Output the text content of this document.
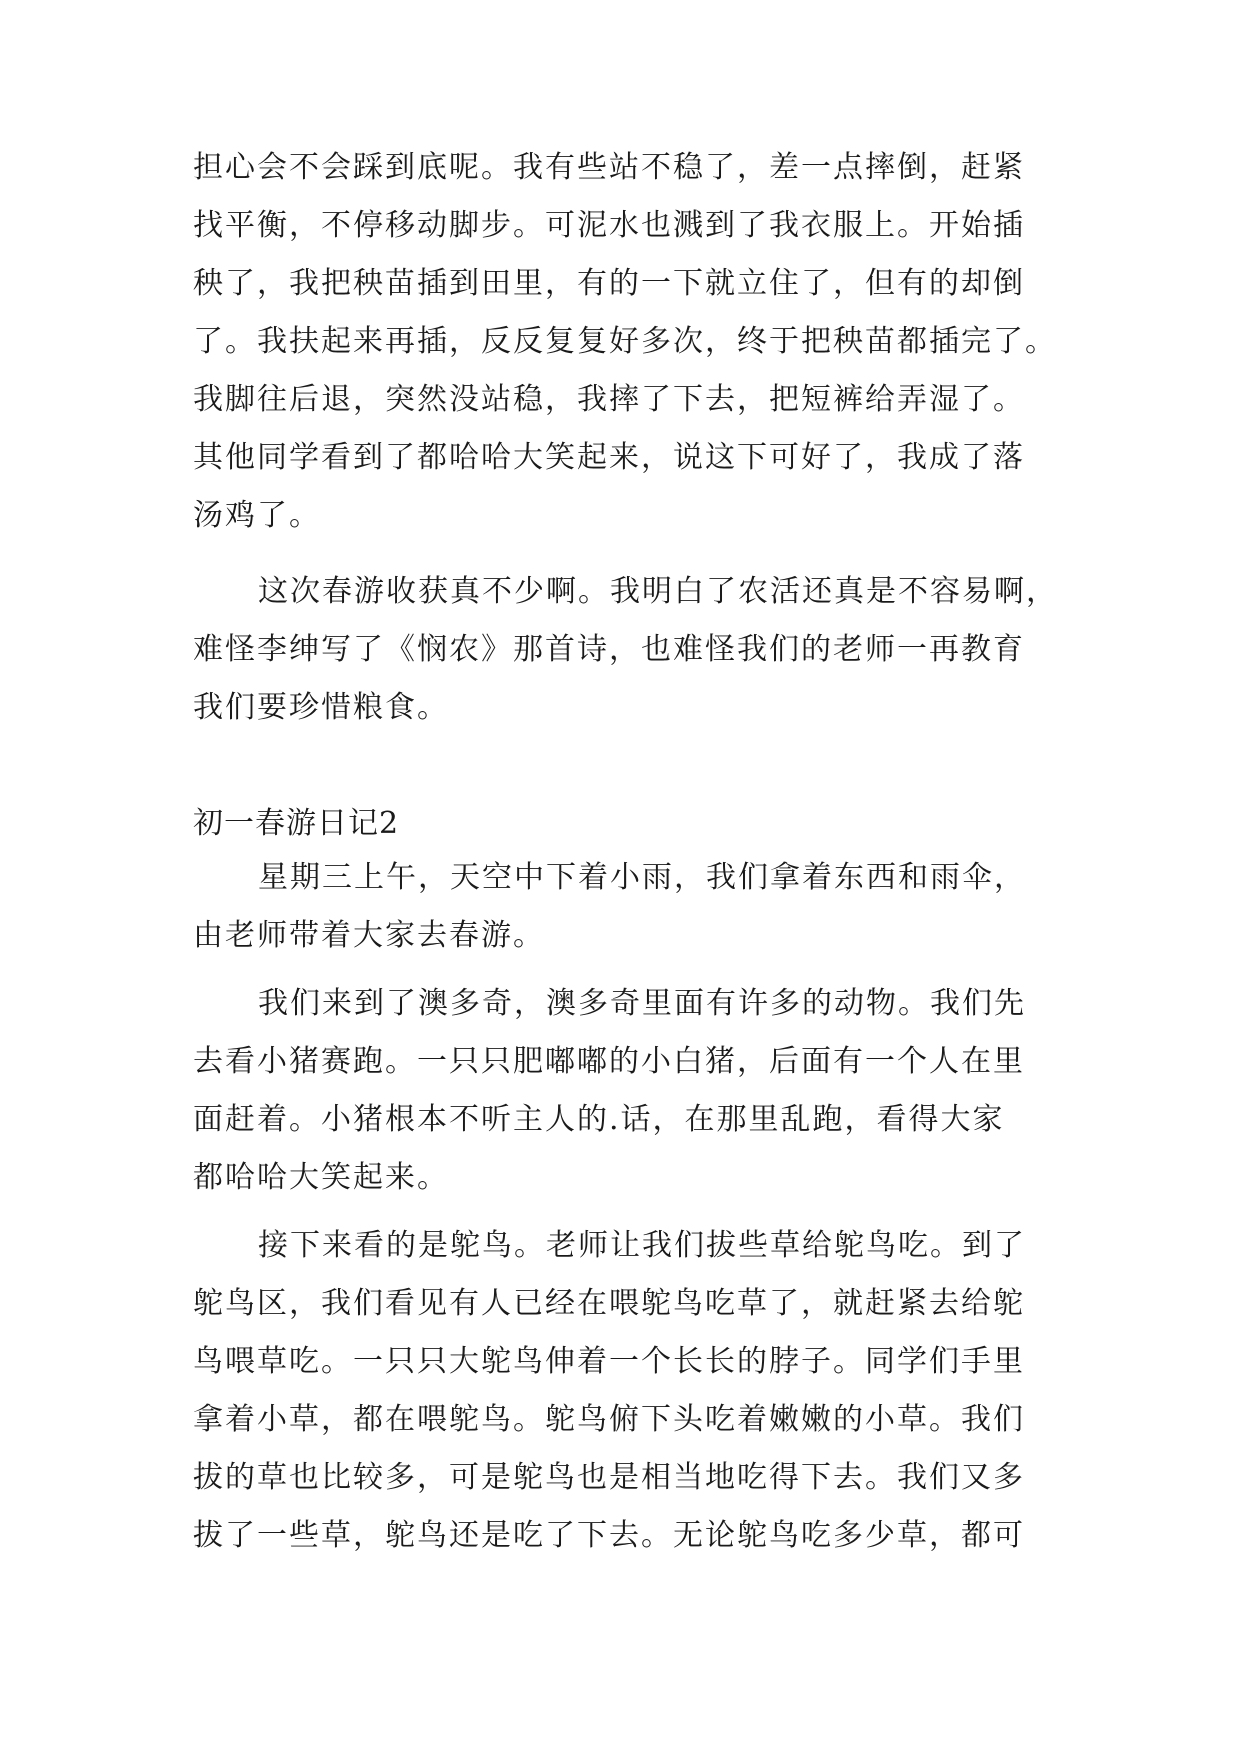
担心会不会踩到底呢。我有些站不稳了，差一点摔倒，赶紧
找平衡，不停移动脚步。可泥水也溅到了我衣服上。开始插
秧了，我把秧苗插到田里，有的一下就立住了，但有的却倒
了。我扶起来再插，反反复复好多次，终于把秧苗都插完了。
我脚往后退，突然没站稳，我摔了下去，把短裤给弄湿了。
其他同学看到了都哈哈大笑起来，说这下可好了，我成了落
汤鸡了。
这次春游收获真不少啊。我明白了农活还真是不容易啊，
难怪李绅写了《悯农》那首诗，也难怪我们的老师一再教育
我们要珍惜粮食。
初一春游日记2
星期三上午，天空中下着小雨，我们拿着东西和雨伞，
由老师带着大家去春游。
我们来到了澳多奇，澳多奇里面有许多的动物。我们先
去看小猪赛跑。一只只肥嘟嘟的小白猪，后面有一个人在里
面赶着。小猪根本不听主人的.话，在那里乱跑，看得大家
都哈哈大笑起来。
接下来看的是鸵鸟。老师让我们拔些草给鸵鸟吃。到了
鸵鸟区，我们看见有人已经在喂鸵鸟吃草了，就赶紧去给鸵
鸟喂草吃。一只只大鸵鸟伸着一个长长的脖子。同学们手里
拿着小草，都在喂鸵鸟。鸵鸟俯下头吃着嫩嫩的小草。我们
拔的草也比较多，可是鸵鸟也是相当地吃得下去。我们又多
拔了一些草，鸵鸟还是吃了下去。无论鸵鸟吃多少草，都可
